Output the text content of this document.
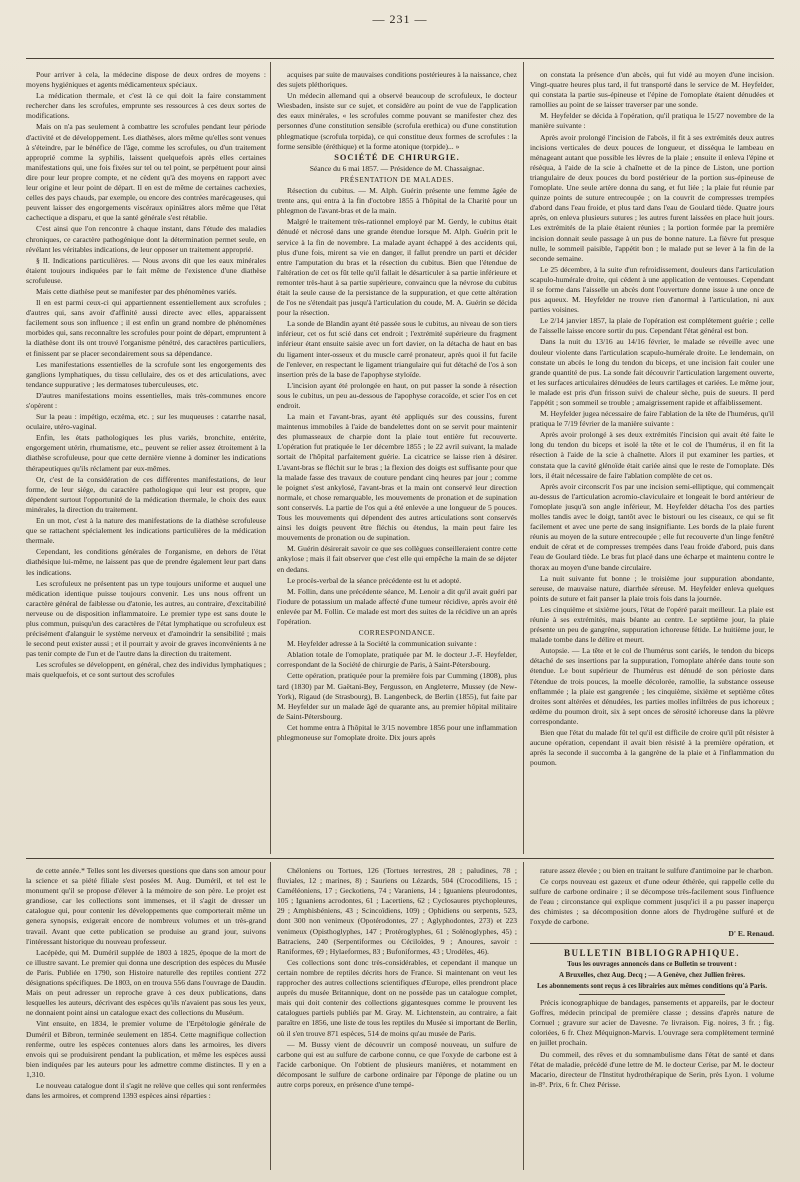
— 231 —

Pour arriver à cela, la médecine dispose de deux ordres de moyens : moyens hygiéniques et agents médicamenteux spéciaux.

La médication thermale, et c'est là ce qui doit la faire constamment rechercher dans les scrofules, emprunte ses ressources à ces deux sortes de modifications.

Mais on n'a pas seulement à combattre les scrofules pendant leur période d'activité et de développement. Les diathèses, alors même qu'elles sont venues à s'éteindre, par le bénéfice de l'âge, comme les scrofules, ou d'un traitement approprié comme la syphilis, laissent quelquefois après elles certaines manifestations qui, une fois fixées sur tel ou tel point, se perpétuent pour ainsi dire pour leur propre compte, et ne cèdent qu'à des moyens en rapport avec leur origine et leur point de départ. Il en est de même de certaines cachexies, celles des pays chauds, par exemple, ou encore des contrées marécageuses, qui peuvent laisser des engorgements viscéraux opiniâtres alors même que l'état cachectique a disparu, et que la santé générale s'est rétablie.

C'est ainsi que l'on rencontre à chaque instant, dans l'étude des maladies chroniques, ce caractère pathogénique dont la détermination permet seule, en révélant les véritables indications, de leur opposer un traitement approprié.

§ II. Indications particulières. — Nous avons dit que les eaux minérales étaient toujours indiquées par le fait même de l'existence d'une diathèse scrofuleuse.

Mais cette diathèse peut se manifester par des phénomènes variés.

Il en est parmi ceux-ci qui appartiennent essentiellement aux scrofules ; d'autres qui, sans avoir d'affinité aussi directe avec elles, apparaissent facilement sous son influence ; il est enfin un grand nombre de phénomènes morbides qui, sans reconnaître les scrofules pour point de départ, empruntent à la diathèse dont ils ont trouvé l'organisme pénétré, des caractères particuliers, et finissent par se placer secondairement sous sa dépendance.

Les manifestations essentielles de la scrofule sont les engorgements des ganglions lymphatiques, du tissu cellulaire, des os et des articulations, avec tendance suppurative ; les dermatoses tuberculeuses, etc.

D'autres manifestations moins essentielles, mais très-communes encore s'opèrent :

Sur la peau : impétigo, eczéma, etc. ; sur les muqueuses : catarrhe nasal, oculaire, utéro-vaginal.

Enfin, les états pathologiques les plus variés, bronchite, entérite, engorgement utérin, rhumatisme, etc., peuvent se relier assez étroitement à la diathèse scrofuleuse, pour que cette dernière vienne à dominer les indications thérapeutiques qu'ils réclament par eux-mêmes.

Or, c'est de la considération de ces différentes manifestations, de leur forme, de leur siége, du caractère pathologique qui leur est propre, que dépendent surtout l'opportunité de la médication thermale, le choix des eaux minérales, la direction du traitement.

En un mot, c'est à la nature des manifestations de la diathèse scrofuleuse que se rattachent spécialement les indications particulières de la médication thermale.

Cependant, les conditions générales de l'organisme, en dehors de l'état diathésique lui-même, ne laissent pas que de prendre également leur part dans les indications.

Les scrofuleux ne présentent pas un type toujours uniforme et auquel une médication identique puisse toujours convenir. Les uns nous offrent un caractère général de faiblesse ou d'atonie, les autres, au contraire, d'excitabilité nerveuse ou de disposition inflammatoire. Le premier type est sans doute le plus commun, puisqu'un des caractères de l'état lymphatique ou scrofuleux est précisément d'alanguir le système nerveux et d'amoindrir la sensibilité ; mais le second peut exister aussi ; et il pourrait y avoir de graves inconvénients à ne pas tenir compte de l'un et de l'autre dans la direction du traitement.

Les scrofules se développent, en général, chez des individus lymphatiques ; mais quelquefois, et ce sont surtout des scrofules

acquises par suite de mauvaises conditions postérieures à la naissance, chez des sujets pléthoriques.

Un médecin allemand qui a observé beaucoup de scrofuleux, le docteur Wiesbaden, insiste sur ce sujet, et considère au point de vue de l'application des eaux minérales, « les scrofules comme pouvant se manifester chez des personnes d'une constitution sensible (scrofula erethica) ou d'une constitution phlegmatique (scrofula torpida), ce qui constitue deux formes de scrofules : la forme sensible (éréthique) et la forme atonique (torpide)... »

SOCIÉTÉ DE CHIRURGIE.

Séance du 6 mai 1857. — Présidence de M. Chassaignac.

PRÉSENTATION DE MALADES.

Résection du cubitus. — M. Alph. Guérin présente une femme âgée de trente ans, qui entra à la fin d'octobre 1855 à l'hôpital de la Charité pour un phlegmon de l'avant-bras et de la main.

Malgré le traitement très-rationnel employé par M. Gerdy, le cubitus était dénudé et nécrosé dans une grande étendue lorsque M. Alph. Guérin prit le service à la fin de novembre. La malade ayant échappé à des accidents qui, plus d'une fois, mirent sa vie en danger, il fallut prendre un parti et décider entre l'amputation du bras et la résection du cubitus. Bien que l'étendue de l'altération de cet os fût telle qu'il fallait le désarticuler à sa partie inférieure et remonter très-haut à sa partie supérieure, convaincu que la névrose du cubitus était la seule cause de la persistance de la suppuration, et que cette altération de l'os ne s'étendait pas jusqu'à l'articulation du coude, M. A. Guérin se décida pour la résection.

La sonde de Blandin ayant été passée sous le cubitus, au niveau de son tiers inférieur, cet os fut scié dans cet endroit ; l'extrémité supérieure du fragment inférieur étant ensuite saisie avec un fort davier, on la détacha de haut en bas du ligament inter-osseux et du muscle carré pronateur, après quoi il fut facile de l'enlever, en respectant le ligament triangulaire qui fut détaché de l'os à son insertion près de la base de l'apophyse styloïde.

L'incision ayant été prolongée en haut, on put passer la sonde à résection sous le cubitus, un peu au-dessous de l'apophyse coracoïde, et scier l'os en cet endroit.

La main et l'avant-bras, ayant été appliqués sur des coussins, furent maintenus immobiles à l'aide de bandelettes dont on se servit pour maintenir des plumasseaux de charpie dont la plaie tout entière fut recouverte. L'opération fut pratiquée le 1er décembre 1855 ; le 22 avril suivant, la malade sortait de l'hôpital parfaitement guérie. La cicatrice se laisse rien à désirer. L'avant-bras se fléchit sur le bras ; la flexion des doigts est suffisante pour que la malade fasse des travaux de couture pendant cinq heures par jour ; comme le poignet s'est ankylosé, l'avant-bras et la main ont conservé leur direction normale, et chose remarquable, les mouvements de pronation et de supination sont conservés. La partie de l'os qui a été enlevée a une longueur de 5 pouces. Tous les mouvements qui dépendent des autres articulations sont conservés ainsi les doigts peuvent être fléchis ou étendus, la main peut faire les mouvements de pronation ou de supination.

M. Guérin désirerait savoir ce que ses collègues conseilleraient contre cette ankylose ; mais il fait observer que c'est elle qui empêche la main de se déjeter en dedans.

Le procès-verbal de la séance précédente est lu et adopté.

M. Follin, dans une précédente séance, M. Lenoir a dit qu'il avait guéri par l'iodure de potassium un malade affecté d'une tumeur récidive, après avoir été enlevée par M. Follin. Ce malade est mort des suites de la récidive un an après l'opération.

CORRESPONDANCE.

M. Heyfelder adresse à la Société la communication suivante :

Ablation totale de l'omoplate, pratiquée par M. le docteur J.-F. Heyfelder, correspondant de la Société de chirurgie de Paris, à Saint-Pétersbourg.

Cette opération, pratiquée pour la première fois par Cumming (1808), plus tard (1830) par M. Gaëtani-Bey, Fergusson, en Angleterre, Mussey (de New-York), Rigaud (de Strasbourg), B. Langenbeck, de Berlin (1855), fut faite par M. Heyfelder sur un malade âgé de quarante ans, au premier hôpital militaire de Saint-Pétersbourg.

Cet homme entra à l'hôpital le 3/15 novembre 1856 pour une inflammation phlegmoneuse sur l'omoplate droite. Dix jours après

on constata la présence d'un abcès, qui fut vidé au moyen d'une incision. Vingt-quatre heures plus tard, il fut transporté dans le service de M. Heyfelder, qui constata la partie sus-épineuse et l'épine de l'omoplate étaient dénudées et ramollies au point de se laisser traverser par une sonde.

M. Heyfelder se décida à l'opération, qu'il pratiqua le 15/27 novembre de la manière suivante :

Après avoir prolongé l'incision de l'abcès, il fit à ses extrémités deux autres incisions verticales de deux pouces de longueur, et disséqua le lambeau en ménageant autant que possible les lèvres de la plaie ; ensuite il enleva l'épine et résèqua, à l'aide de la scie à chaînette et de la pince de Liston, une portion triangulaire de deux pouces du bord postérieur de la portion sus-épineuse de l'omoplate. Une seule artère donna du sang, et fut liée ; la plaie fut réunie par quinze points de suture entrecoupée ; on la couvrit de compresses trempées d'abord dans l'eau froide, et plus tard dans l'eau de Goulard tiède. Quatre jours après, on enleva plusieurs sutures ; les autres furent laissées en place huit jours. Les extrémités de la plaie étaient réunies ; la portion formée par la première incision donnait seule passage à un pus de bonne nature. La fièvre fut presque nulle, le sommeil paisible, l'appétit bon ; le malade put se lever à la fin de la seconde semaine.

Le 25 décembre, à la suite d'un refroidissement, douleurs dans l'articulation scapulo-humérale droite, qui cédent à une application de ventouses. Cependant il se forme dans l'aisselle un abcès dont l'ouverture donne issue à une once de pus aqueux. M. Heyfelder ne trouve rien d'anormal à l'articulation, ni aux parties voisines.

Le 2/14 janvier 1857, la plaie de l'opération est complétement guérie ; celle de l'aisselle laisse encore sortir du pus. Cependant l'état général est bon.

Dans la nuit du 13/16 au 14/16 février, le malade se réveille avec une douleur violente dans l'articulation scapulo-humérale droite. Le lendemain, on constate un abcès le long du tendon du biceps, et une incision fait couler une grande quantité de pus. La sonde fait découvrir l'articulation largement ouverte, et les surfaces articulaires dénudées de leurs cartilages et cariées. Le même jour, le malade est pris d'un frisson suivi de chaleur sèche, puis de sueurs. Il perd l'appétit ; son sommeil se trouble ; amaigrissement rapide et affaiblissement.

M. Heyfelder jugea nécessaire de faire l'ablation de la tête de l'humérus, qu'il pratiqua le 7/19 février de la manière suivante :

Après avoir prolongé à ses deux extrémités l'incision qui avait été faite le long du tendon du biceps et isolé la tête et le col de l'humérus, il en fit la résection à l'aide de la scie à chaînette. Alors il put examiner les parties, et constata que la cavité glénoïde était cariée ainsi que le reste de l'omoplate. Dès lors, il était nécessaire de faire l'ablation complète de cet os.

Après avoir circonscrit l'os par une incision semi-elliptique, qui commençait au-dessus de l'articulation acromio-claviculaire et longeait le bord antérieur de l'omoplate jusqu'à son angle inférieur, M. Heyfelder détacha l'os des parties molles tandis avec le doigt, tantôt avec le bistouri ou les ciseaux, ce qui se fit facilement et avec une perte de sang insignifiante. Les bords de la plaie furent réunis au moyen de la suture entrecoupée ; elle fut recouverte d'un linge fenêtré enduit de cérat et de compresses trempées dans l'eau froide d'abord, puis dans l'eau de Goulard tiède. Le bras fut placé dans une écharpe et maintenu contre le thorax au moyen d'une bande circulaire.

La nuit suivante fut bonne ; le troisième jour suppuration abondante, sereuse, de mauvaise nature, diarrhée séreuse. M. Heyfelder enleva quelques points de suture et fait panser la plaie trois fois dans la journée.

Les cinquième et sixième jours, l'état de l'opéré parait meilleur. La plaie est réunie à ses extrémités, mais béante au centre. Le septième jour, la plaie présente un peu de gangrène, suppuration ichoreuse fétide. Le huitième jour, le malade tombe dans le délire et meurt.

Autopsie. — La tête et le col de l'humérus sont cariés, le tendon du biceps détaché de ses insertions par la suppuration, l'omoplate altérée dans toute son étendue. Le bout supérieur de l'humérus est dénudé de son périoste dans l'étendue de trois pouces, la moelle décolorée, ramollie, la substance osseuse enflammée ; la plaie est gangrenée ; les cinquième, sixième et septième côtes droites sont altérées et dénudées, les parties molles infiltrées de pus ichoreux ; œdème du poumon droit, six à sept onces de sérosité ichoreuse dans la plèvre correspondante.

Bien que l'état du malade fût tel qu'il est difficile de croire qu'il pût résister à aucune opération, cependant il avait bien résisté à la première opération, et aprés la seconde il succomba à la gangrène de la plaie et à l'inflammation du poumon.

de cette année.* Telles sont les diverses questions que dans son amour pour la science et sa piété filiale s'est posées M. Aug. Duméril, et tel est le monument qu'il se propose d'élever à la mémoire de son père. Le projet est grandiose, car les collections sont immenses, et il s'agit de dresser un catalogue qui, pour contenir les développements que comporterait même un genera synopsis, exigerait encore de nombreux volumes et un très-grand travail. Avant que cette publication se produise au grand jour, suivons l'intéressant historique du nouveau professeur.

Lacépède, qui M. Duméril supplée de 1803 à 1825, époque de la mort de ce illustre savant. Le premier qui donna une description des espèces du Musée de Paris. Publiée en 1790, son Histoire naturelle des reptiles contient 272 désignations spécifiques. De 1803, on en trouva 556 dans l'ouvrage de Daudin. Mais on peut adresser un reproche grave à ces deux publications, dans lesquelles les auteurs, décrivant des espèces qu'ils n'avaient pas sous les yeux, ne donnaient point ainsi un catalogue exact des collections du Muséum.

Vint ensuite, en 1834, le premier volume de l'Erpétologie générale de Duméril et Bibron, terminée seulement en 1854. Cette magnifique collection renferme, outre les espèces contenues alors dans les armoires, les divers envois qui se produisirent pendant la publication, et même les espèces aussi bien indiquées par les auteurs pour les admettre comme distinctes. Il y en a 1,310.

Le nouveau catalogue dont il s'agit ne relève que celles qui sont renfermées dans les armoires, et comprend 1393 espèces ainsi réparties :

Chéloniens ou Tortues, 126 (Tortues terrestres, 28 ; paludines, 78 ; fluviales, 12 ; marines, 8) ; Sauriens ou Lézards, 504 (Crocodiliens, 15 ; Caméléoniens, 17 ; Geckotiens, 74 ; Varaniens, 14 ; Iguaniens pleurodontes, 105 ; Iguaniens acrodontes, 61 ; Lacertiens, 62 ; Cyclosaures ptychopleures, 29 ; Amphisbéniens, 43 ; Scincoïdiens, 109) ; Ophidiens ou serpents, 523, dont 300 non venimeux (Opotérodontes, 27 ; Aglyphodontes, 273) et 223 venimeux (Opisthoglyphes, 147 ; Protéroglyphes, 61 ; Solénoglyphes, 45) ; Batraciens, 240 (Serpentiformes ou Céciloïdes, 9 ; Anoures, savoir : Raniformes, 69 ; Hylaeformes, 83 ; Bufoniformes, 43 ; Urodèles, 46).

Ces collections sont donc très-considérables, et cependant il manque un certain nombre de reptiles décrits hors de France. Si maintenant on veut les rapprocher des autres collections scientifiques d'Europe, elles prendront place auprès du musée Britannique, dont on ne possède pas un catalogue complet, mais qui doit contenir des collections gigantesques comme le prouvent les catalogues partiels publiés par M. Gray. M. Lichtenstein, au contraire, a fait paraître en 1856, une liste de tous les reptiles du Musée si important de Berlin, où il s'en trouve 871 espèces, 514 de moins qu'au musée de Paris.

— M. Bussy vient de découvrir un composé nouveau, un sulfure de carbone qui est au sulfure de carbone connu, ce que l'oxyde de carbone est à l'acide carbonique. On l'obtient de plusieurs manières, et notamment en décomposant le sulfure de carbone ordinaire par l'éponge de platine ou un autre corps poreux, en présence d'une tempé-

rature assez élevée ; ou bien en traitant le sulfure d'antimoine par le charbon.

Ce corps nouveau est gazeux et d'une odeur éthérée, qui rappelle celle du sulfure de carbone ordinaire ; il se décompose très-facilement sous l'influence de l'eau ; circonstance qui explique comment jusqu'ici il a pu passer inaperçu des chimistes ; sa décomposition donne alors de l'hydrogène sulfuré et de l'oxyde de carbone.

D' E. Renaud.

BULLETIN BIBLIOGRAPHIQUE.

Tous les ouvrages annoncés dans ce Bulletin se trouvent :

A Bruxelles, chez Aug. Decq ; — A Genève, chez Jullien frères.

Les abonnements sont reçus à ces librairies aux mêmes conditions qu'à Paris.

Précis iconographique de bandages, pansements et appareils, par le docteur Goffres, médecin principal de première classe ; dessins d'après nature de Cornuel ; gravure sur acier de Davesne. 7e livraison. Fig. noires, 3 fr. ; fig. coloriées, 6 fr. Chez Méquignon-Marvis. L'ouvrage sera complètement terminé en juillet prochain.

Du commeil, des rêves et du somnambulisme dans l'état de santé et dans l'état de maladie, précédé d'une lettre de M. le docteur Cerise, par M. le docteur Macario, directeur de l'Institut hydrothérapique de Serin, près Lyon. 1 volume in-8°. Prix, 6 fr. Chez Périsse.
